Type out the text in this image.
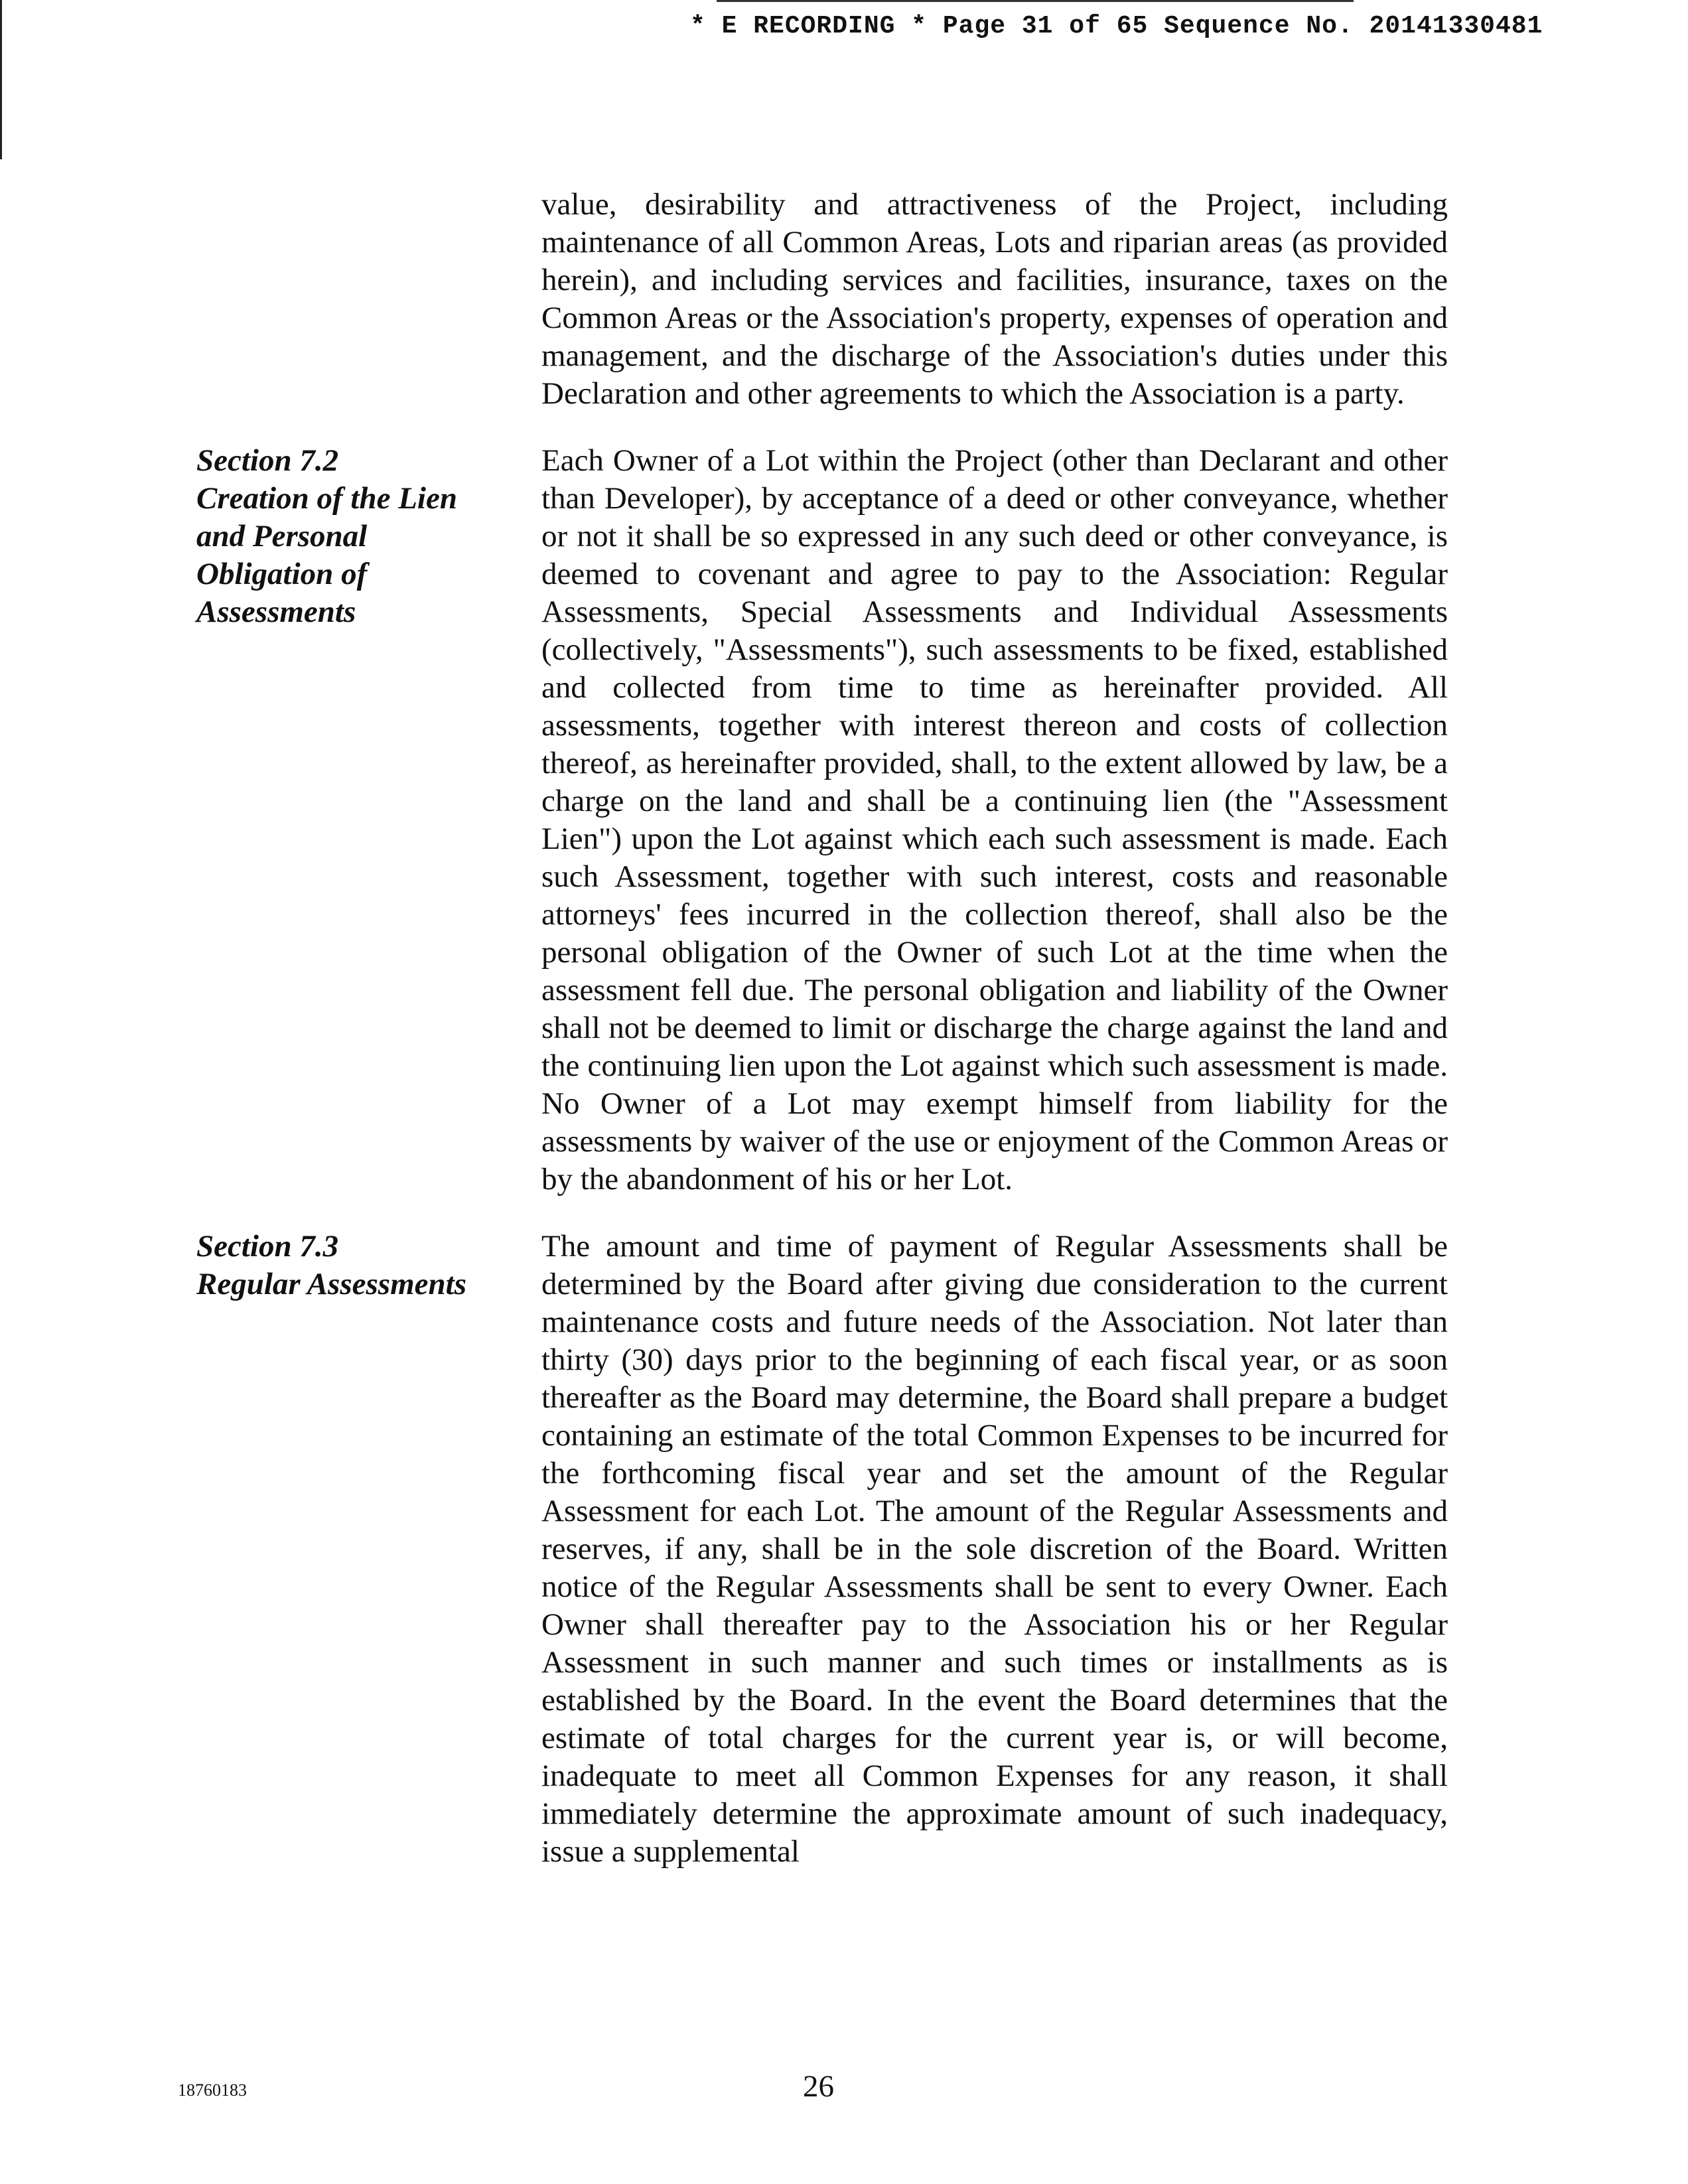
* E RECORDING * Page 31 of 65 Sequence No. 20141330481
value, desirability and attractiveness of the Project, including maintenance of all Common Areas, Lots and riparian areas (as provided herein), and including services and facilities, insurance, taxes on the Common Areas or the Association's property, expenses of operation and management, and the discharge of the Association's duties under this Declaration and other agreements to which the Association is a party.
Section 7.2
Creation of the Lien
and Personal
Obligation of
Assessments
Each Owner of a Lot within the Project (other than Declarant and other than Developer), by acceptance of a deed or other conveyance, whether or not it shall be so expressed in any such deed or other conveyance, is deemed to covenant and agree to pay to the Association: Regular Assessments, Special Assessments and Individual Assessments (collectively, "Assessments"), such assessments to be fixed, established and collected from time to time as hereinafter provided. All assessments, together with interest thereon and costs of collection thereof, as hereinafter provided, shall, to the extent allowed by law, be a charge on the land and shall be a continuing lien (the "Assessment Lien") upon the Lot against which each such assessment is made. Each such Assessment, together with such interest, costs and reasonable attorneys' fees incurred in the collection thereof, shall also be the personal obligation of the Owner of such Lot at the time when the assessment fell due. The personal obligation and liability of the Owner shall not be deemed to limit or discharge the charge against the land and the continuing lien upon the Lot against which such assessment is made. No Owner of a Lot may exempt himself from liability for the assessments by waiver of the use or enjoyment of the Common Areas or by the abandonment of his or her Lot.
Section 7.3
Regular Assessments
The amount and time of payment of Regular Assessments shall be determined by the Board after giving due consideration to the current maintenance costs and future needs of the Association. Not later than thirty (30) days prior to the beginning of each fiscal year, or as soon thereafter as the Board may determine, the Board shall prepare a budget containing an estimate of the total Common Expenses to be incurred for the forthcoming fiscal year and set the amount of the Regular Assessment for each Lot. The amount of the Regular Assessments and reserves, if any, shall be in the sole discretion of the Board. Written notice of the Regular Assessments shall be sent to every Owner. Each Owner shall thereafter pay to the Association his or her Regular Assessment in such manner and such times or installments as is established by the Board. In the event the Board determines that the estimate of total charges for the current year is, or will become, inadequate to meet all Common Expenses for any reason, it shall immediately determine the approximate amount of such inadequacy, issue a supplemental
18760183	26
